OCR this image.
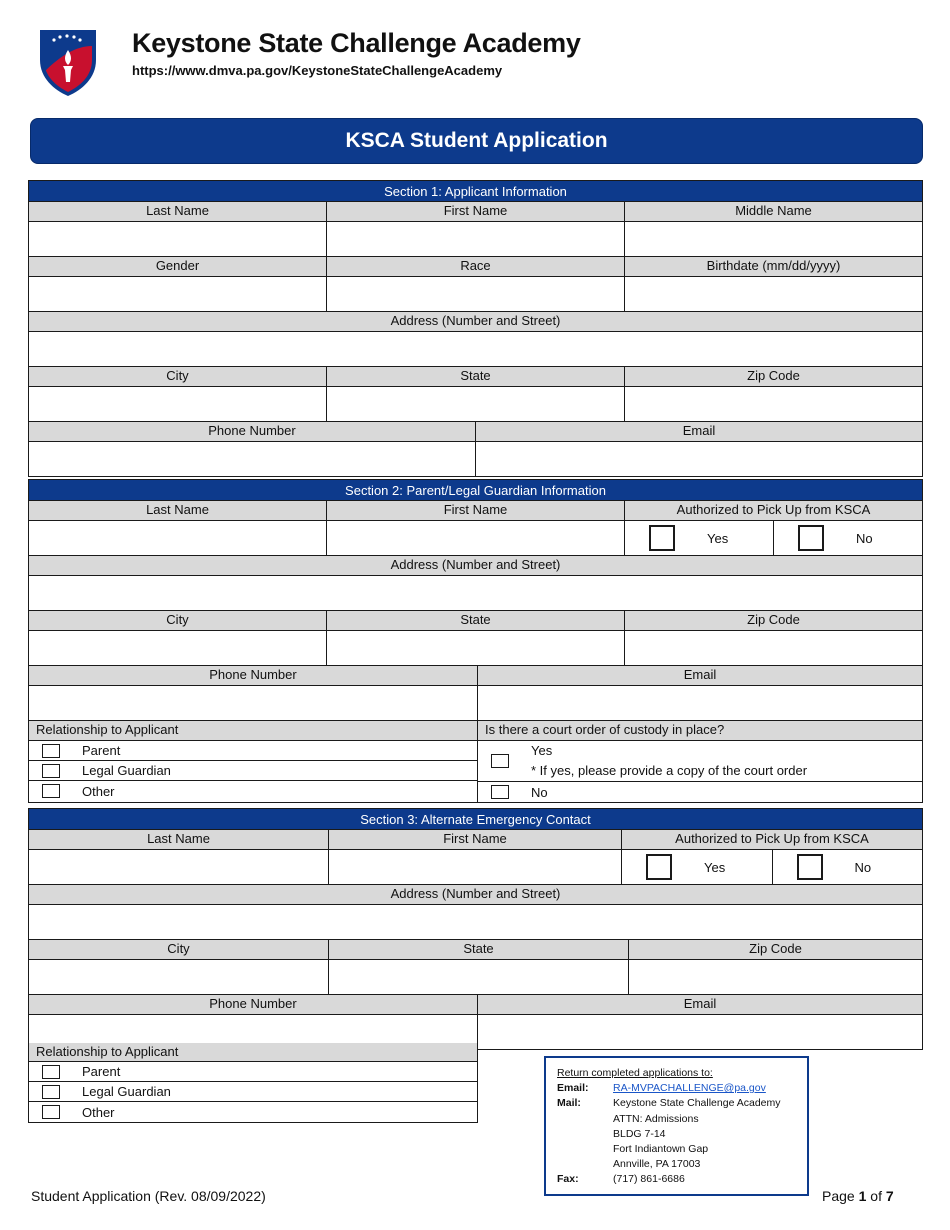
Keystone State Challenge Academy
https://www.dmva.pa.gov/KeystoneStateChallengeAcademy
KSCA Student Application
Section 1: Applicant Information
Last Name	First Name	Middle Name
Gender	Race	Birthdate (mm/dd/yyyy)
Address (Number and Street)
City	State	Zip Code
Phone Number	Email
Section 2: Parent/Legal Guardian Information
Last Name	First Name	Authorized to Pick Up from KSCA
Yes	No
Address (Number and Street)
City	State	Zip Code
Phone Number	Email
Relationship to Applicant	Is there a court order of custody in place?
Parent
Legal Guardian
Other
Yes
* If yes, please provide a copy of the court order
No
Section 3: Alternate Emergency Contact
Last Name	First Name	Authorized to Pick Up from KSCA
Yes	No
Address (Number and Street)
City	State	Zip Code
Phone Number	Email
Relationship to Applicant
Parent
Legal Guardian
Other
Return completed applications to:
Email:	RA-MVPACHALLENGE@pa.gov
Mail:	Keystone State Challenge Academy
ATTN: Admissions
BLDG 7-14
Fort Indiantown Gap
Annville, PA 17003
Fax:	(717) 861-6686
Student Application (Rev. 08/09/2022)	Page 1 of 7
